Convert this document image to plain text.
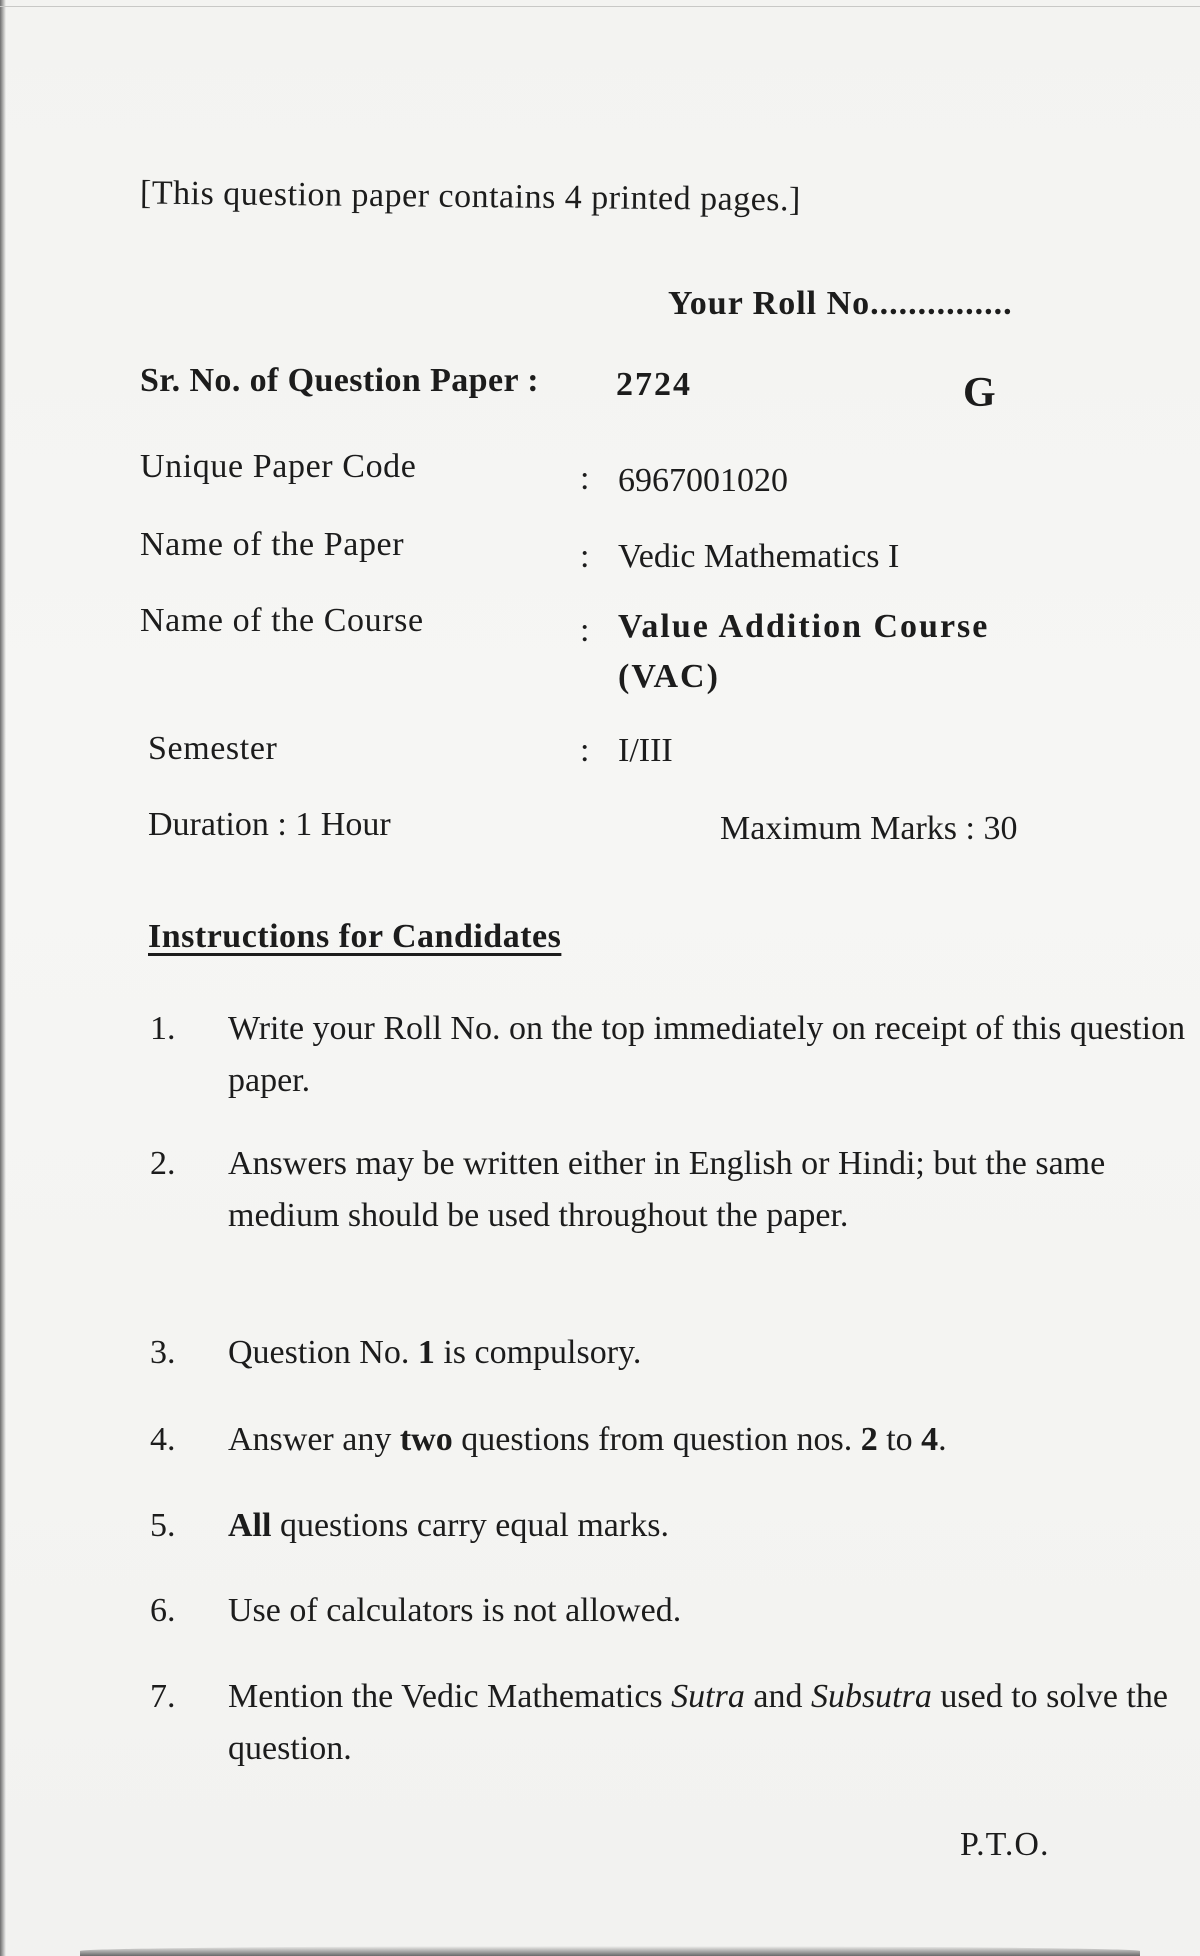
[This question paper contains 4 printed pages.]
Your Roll No...............
Sr. No. of Question Paper : 2724	G
Unique Paper Code	: 6967001020
Name of the Paper	: Vedic Mathematics I
Name of the Course	: Value Addition Course (VAC)
Semester	: I/III
Duration : 1 Hour	Maximum Marks : 30
Instructions for Candidates
1. Write your Roll No. on the top immediately on receipt of this question paper.
2. Answers may be written either in English or Hindi; but the same medium should be used throughout the paper.
3. Question No. 1 is compulsory.
4. Answer any two questions from question nos. 2 to 4.
5. All questions carry equal marks.
6. Use of calculators is not allowed.
7. Mention the Vedic Mathematics Sutra and Subsutra used to solve the question.
P.T.O.
